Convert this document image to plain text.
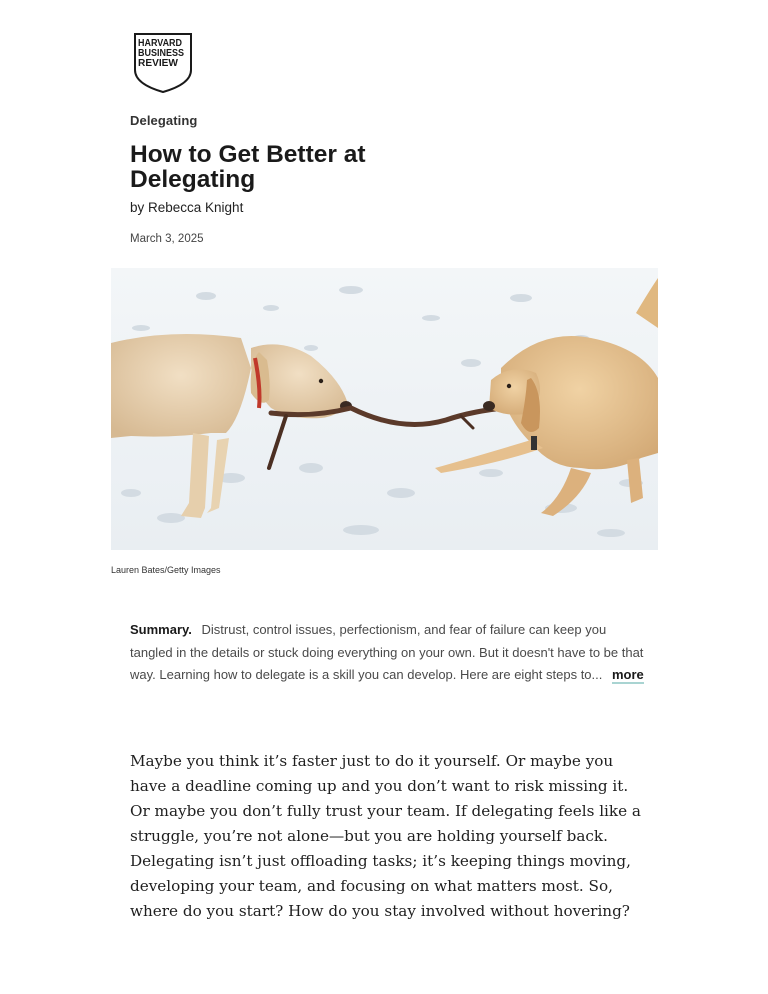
HARVARD
BUSINESS
REVIEW
Delegating
How to Get Better at Delegating
by Rebecca Knight
March 3, 2025
Lauren Bates/Getty Images
Summary. Distrust, control issues, perfectionism, and fear of failure can keep you tangled in the details or stuck doing everything on your own. But it doesn't have to be that way. Learning how to delegate is a skill you can develop. Here are eight steps to... more

Maybe you think it’s faster just to do it yourself. Or maybe you have a deadline coming up and you don’t want to risk missing it. Or maybe you don’t fully trust your team. If delegating feels like a struggle, you’re not alone—but you are holding yourself back. Delegating isn’t just offloading tasks; it’s keeping things moving, developing your team, and focusing on what matters most. So, where do you start? How do you stay involved without hovering?
